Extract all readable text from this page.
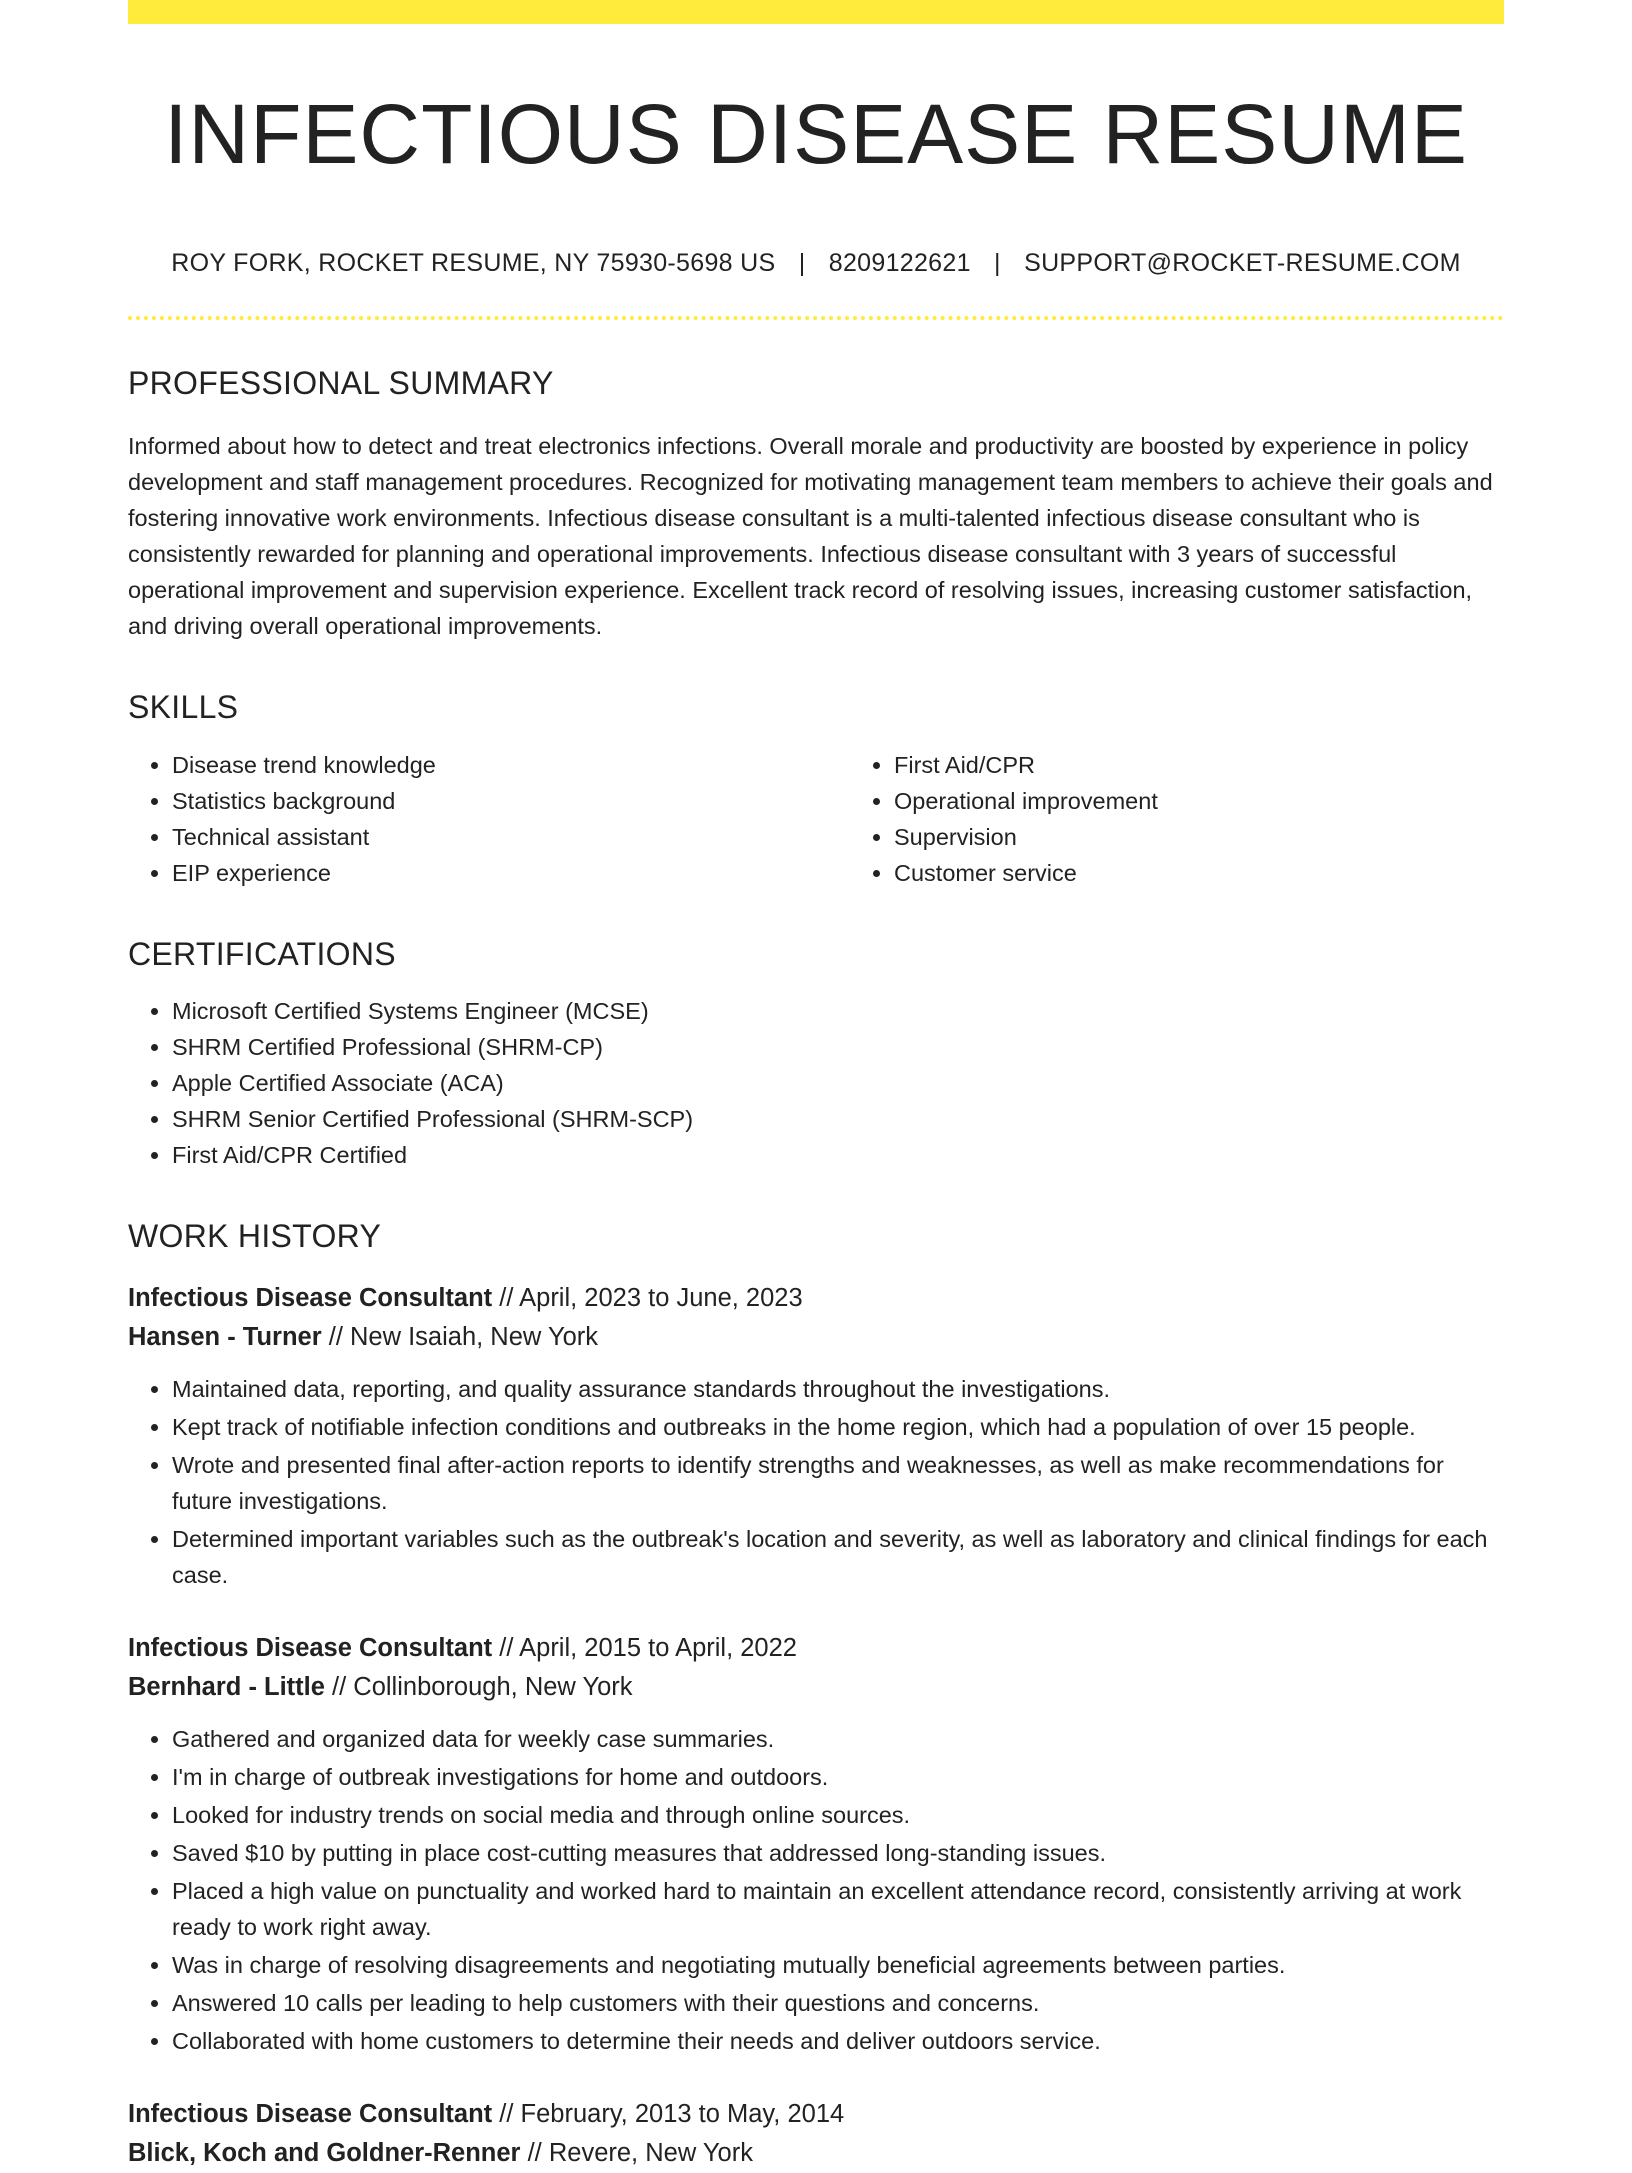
INFECTIOUS DISEASE RESUME
ROY FORK, ROCKET RESUME, NY 75930-5698 US | 8209122621 | SUPPORT@ROCKET-RESUME.COM
PROFESSIONAL SUMMARY

Informed about how to detect and treat electronics infections. Overall morale and productivity are boosted by experience in policy development and staff management procedures. Recognized for motivating management team members to achieve their goals and fostering innovative work environments. Infectious disease consultant is a multi-talented infectious disease consultant who is consistently rewarded for planning and operational improvements. Infectious disease consultant with 3 years of successful operational improvement and supervision experience. Excellent track record of resolving issues, increasing customer satisfaction, and driving overall operational improvements.

SKILLS
• Disease trend knowledge
• Statistics background
• Technical assistant
• EIP experience
• First Aid/CPR
• Operational improvement
• Supervision
• Customer service
CERTIFICATIONS
• Microsoft Certified Systems Engineer (MCSE)
• SHRM Certified Professional (SHRM-CP)
• Apple Certified Associate (ACA)
• SHRM Senior Certified Professional (SHRM-SCP)
• First Aid/CPR Certified
WORK HISTORY
Infectious Disease Consultant // April, 2023 to June, 2023
Hansen - Turner // New Isaiah, New York
• Maintained data, reporting, and quality assurance standards throughout the investigations.
• Kept track of notifiable infection conditions and outbreaks in the home region, which had a population of over 15 people.
• Wrote and presented final after-action reports to identify strengths and weaknesses, as well as make recommendations for future investigations.
• Determined important variables such as the outbreak's location and severity, as well as laboratory and clinical findings for each case.
Infectious Disease Consultant // April, 2015 to April, 2022
Bernhard - Little // Collinborough, New York
• Gathered and organized data for weekly case summaries.
• I'm in charge of outbreak investigations for home and outdoors.
• Looked for industry trends on social media and through online sources.
• Saved $10 by putting in place cost-cutting measures that addressed long-standing issues.
• Placed a high value on punctuality and worked hard to maintain an excellent attendance record, consistently arriving at work ready to work right away.
• Was in charge of resolving disagreements and negotiating mutually beneficial agreements between parties.
• Answered 10 calls per leading to help customers with their questions and concerns.
• Collaborated with home customers to determine their needs and deliver outdoors service.
Infectious Disease Consultant // February, 2013 to May, 2014
Blick, Koch and Goldner-Renner // Revere, New York
